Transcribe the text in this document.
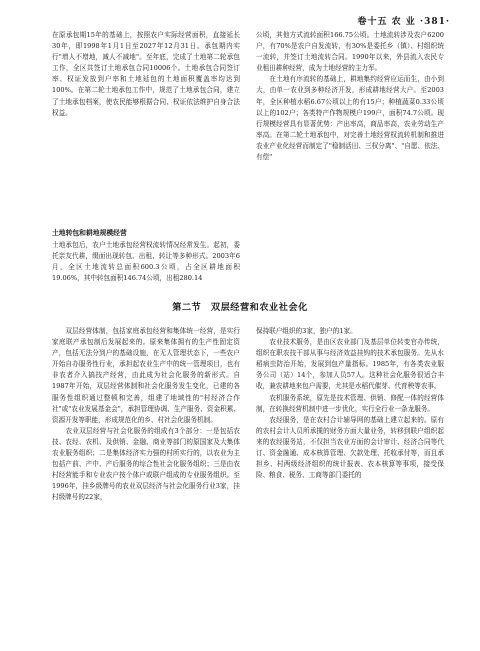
卷十五 农 业 ·381·
在原承包期15年的基础上，按照农户实际经营面积，直接延长30年，即1998年1月1日至2027年12月31日。承包期内实行"增人不增地，减人不减地"。至年底，完成了土地第二轮承包工作，全区共签订土地承包合同10006个。土地承包合同签订率、权证发放到户率和土地延包的土地面积覆盖率均达到100%。在第二轮土地承包工作中，规范了土地承包合同，建立了土地承包档案，使农民能够根据合同、权证依法维护自身合法权益。
土地转包和耕地规模经营
土地承包后，农户土地承包经营权流转情况经常发生。起初，委托亲友代耕，缀面出现转包、出租、转让等多种形式。2003年6月，全区土地流转总面积600.3公顷，占全区耕地面积19.06%，其中转包面积146.74公顷，出租280.14
公顷，其他方式流转面积166.75公顷。土地流转涉及农户6200户，有70%是农户自发流转，有30%是委托乡（镇）、村组织统一流转，并签订土地流转合同。1990年以来，外县流入农民专业租田耕种经营，成为土地经营的主力军。
　　在土地有序流转的基础上，耕地集约经营应运而生，由小到大，由单一农业到多种经济开发，形成耕地经营大户。至2003年，全区种植水稻6.67公顷以上的有15户；种植蔬菜0.33公顷以上的102户；各类特产作物规模户199户，面积74.7公顷。现行规模经营具有显著优势：产出率高，商品率高，农业劳动生产率高。在第二轮土地承包中，对完善土地经营权流转机制和推进农业产业化经营而制定了"稳制活田、三权分离"、"自愿、依法、有偿"
第二节　双层经营和农业社会化
　　双层经营体制，包括家庭承包经营和集体统一经营，是实行家庭联产承包制后发展起来的。原来集体拥有的生产性固定资产，包括无法分到户的基础设施，在无人管理状态下，一些农户开始自办服务性行业，承担起农业生产中的统一管理项目，也有非农者介入搞技产经营，由此成为社会化服务的新形式。自1987年开始，双层经营体制和社会化服务发生变化，已建的各服务性组织通过整顿和完善，组建了地域性的"村经济合作社"或"农业发展基金会"，承担管理协调、生产服务、资金积累、资源开发等职能，形成规范化的乡、村社会化服务机制。
　　农业双层经营与社会化服务的组成有3个部分：一是包括农技、农经、农机、及供销、金融、商业等部门的原国家及大集体农业服务组织；二是集体经济实力强的村所实行的，以农业为主包括产前、产中、产后服务的综合性社会化服务组织；三是由农村经营能手和专业农户按个体户或联户组成的专业服务组织。至1996年，挂乡级牌号的农业双层经济与社会化服务行业3家，挂村级牌号的22家，
保持联户组织的3家，独户的1家。
　　农业技术服务，是由区农业部门及基层单位转变官办传统，组织在职农技干部从事与经济效益挂钩的技术承包服务。先从水稻病虫防治开始，发展到包产量指标。1985年，有各类农业服务公司（站）14个，参加人员57人。这种社会化服务很适合丰收，兼农耕地来包户需要，尤其是水稻代催芽、代育秧等农事。
　　农机服务系统，原先是技术管理、供销、修配一体的经营体制，在转换经营机制中进一步优化，实行全行业一条龙服务。
　　农经服务，是在农村合计辅导网的基础上建立起来的。原有的农村会计人员所承揽的财务方面大量业务，转移到联户组织起来的农经服务站，不仅担当农业方面的会计审计、经济合同等代订、资金融通、成本核算管理、欠款处理、托收承付等，而且承担乡、村两级经济组织的统计报表、农本核算等事项，接受保险、粮食、税务、工商等部门委托的
